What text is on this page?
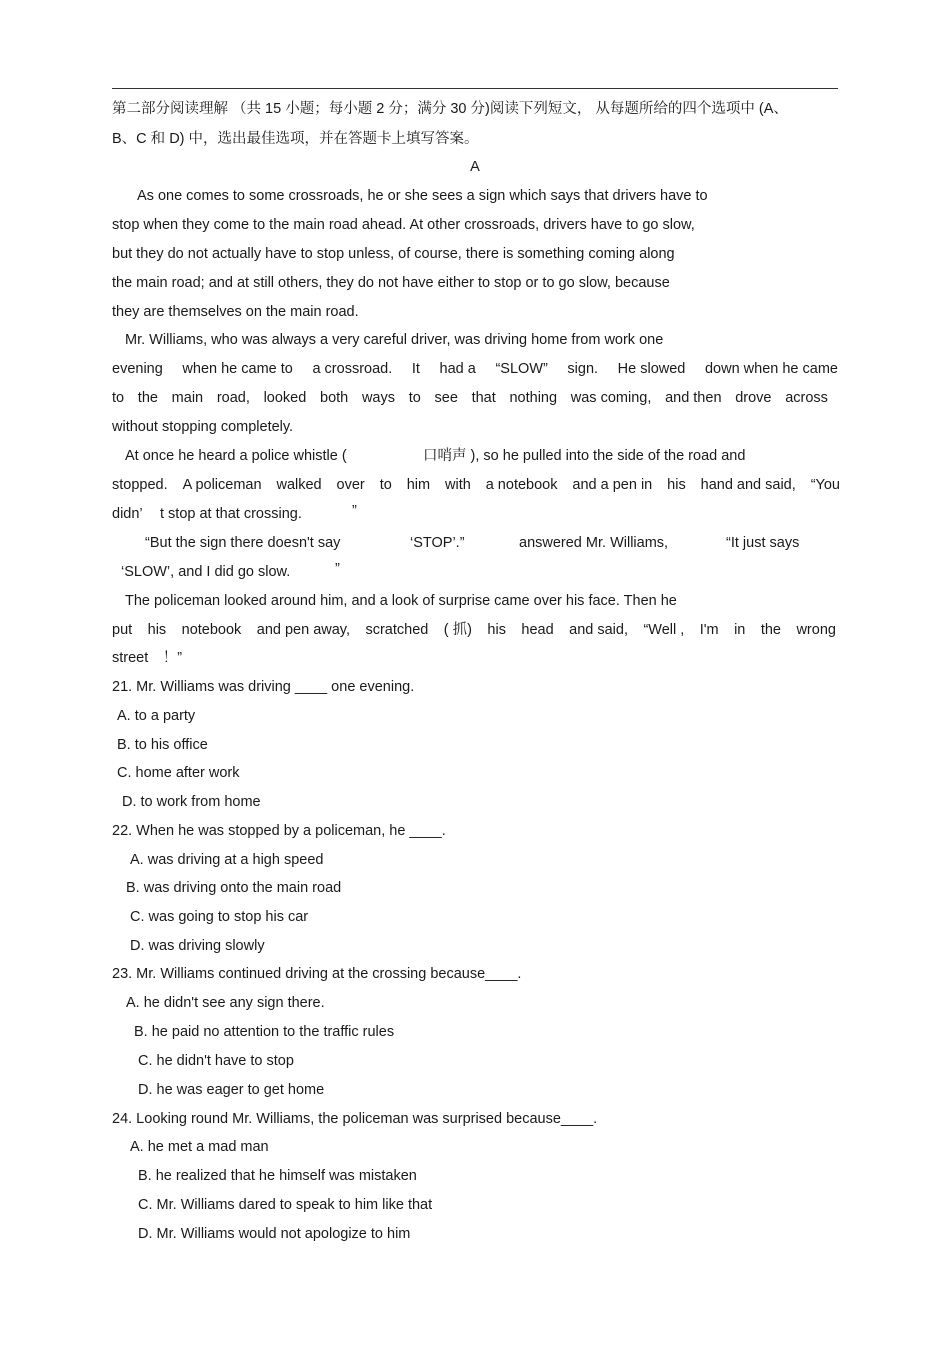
第二部分阅读理解 （共 15 小题；每小题 2 分；满分 30 分)阅读下列短文， 从每题所给的四个选项中 (A、
B、C 和 D) 中，选出最佳选项，并在答题卡上填写答案。
A
As one comes to some crossroads, he or she sees a sign which says that drivers have to
stop when they come to the main road ahead. At other crossroads, drivers have to go slow,
but they do not actually have to stop unless, of course, there is something coming along
the main road; and at still others, they do not have either to stop or to go slow, because
they are themselves on the main road.
Mr. Williams, who was always a very careful driver, was driving home from work one
evening when he came to a crossroad. It had a “SLOW” sign. He slowed down when he came
to the main road, looked both ways to see that nothing was coming, and then drove across
without stopping completely.
At once he heard a police whistle (	口哨声 ), so he pulled into the side of the road and
stopped. A policeman walked over to him with a notebook and a pen in his hand and said, “You
didn’ t stop at that crossing.	”
“But the sign there doesn't say	‘STOP’.”	answered Mr. Williams,	“It just says
‘SLOW’, and I did go slow.	”
The policeman looked around him, and a look of surprise came over his face. Then he
put his notebook and pen away, scratched ( 抓) his head and said, “Well , I'm in the wrong
street　！”
21. Mr. Williams was driving ____ one evening.
A. to a party
B. to his office
C. home after work
D. to work from home
22. When he was stopped by a policeman, he ____.
A. was driving at a high speed
B. was driving onto the main road
C. was going to stop his car
D. was driving slowly
23. Mr. Williams continued driving at the crossing because____.
A. he didn't see any sign there.
B. he paid no attention to the traffic rules
C. he didn't have to stop
D. he was eager to get home
24. Looking round Mr. Williams, the policeman was surprised because____.
A. he met a mad man
B. he realized that he himself was mistaken
C. Mr. Williams dared to speak to him like that
D. Mr. Williams would not apologize to him
